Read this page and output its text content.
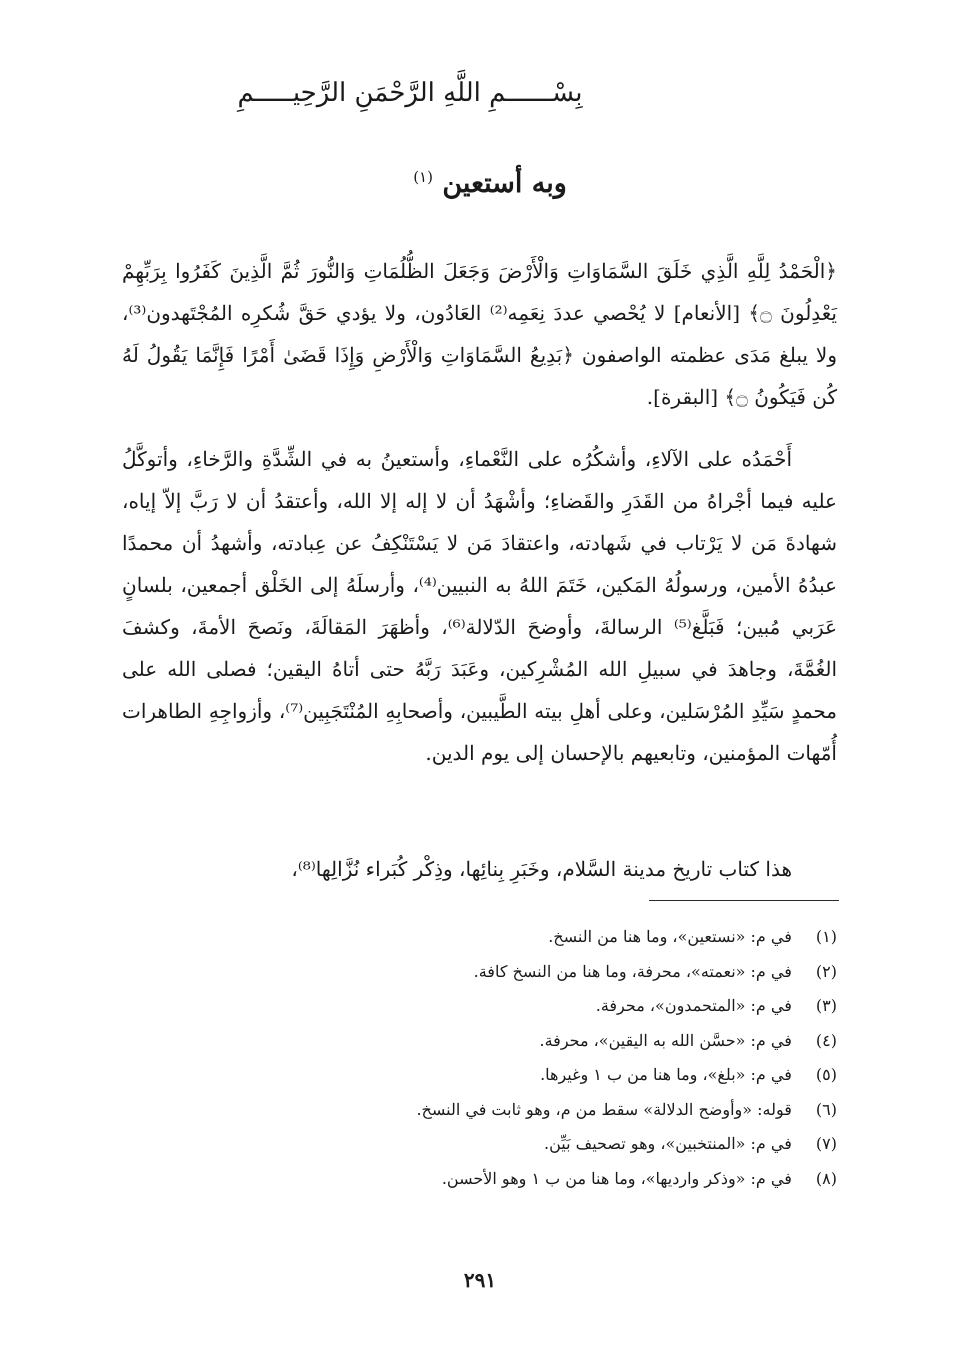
بِسْــــــمِ اللَّهِ الرَّحْمَنِ الرَّحِيـــــمِ
وبه أستعين $^{(١)}$

﴿الْحَمْدُ لِلَّهِ الَّذِي خَلَقَ السَّمَاوَاتِ وَالْأَرْضَ وَجَعَلَ الظُّلُمَاتِ وَالنُّورَ ثُمَّ الَّذِينَ كَفَرُوا بِرَبِّهِمْ يَعْدِلُونَ ۝﴾ [الأنعام] لا يُحْصي عددَ نِعَمِه⁽²⁾ العَادُون، ولا يؤدي حَقَّ شُكرِه المُجْتَهدون⁽³⁾، ولا يبلغ مَدَى عظمته الواصفون ﴿بَدِيعُ السَّمَاوَاتِ وَالْأَرْضِ وَإِذَا قَضَىٰ أَمْرًا فَإِنَّمَا يَقُولُ لَهُ كُن فَيَكُونُ ۝﴾ [البقرة].

أَحْمَدُه على الآلاءِ، وأشكُرُه على النَّعْماءِ، وأستعينُ به في الشِّدَّةِ والرَّخاءِ، وأتوكَّلُ عليه فيما أجْراهُ من القَدَرِ والقَضاءِ؛ وأشْهَدُ أن لا إله إلا الله، وأعتقدُ أن لا رَبَّ إلاّ إياه، شهادةَ مَن لا يَرْتاب في شَهادته، واعتقادَ مَن لا يَسْتَنْكِفُ عن عِبادته، وأشهدُ أن محمدًا عبدُهُ الأمين، ورسولُهُ المَكين، خَتَمَ اللهُ به النبيين⁽⁴⁾، وأرسلَهُ إلى الخَلْق أجمعين، بلسانٍ عَرَبي مُبين؛ فَبَلَّغ⁽⁵⁾ الرسالةَ، وأوضحَ الدّلالة⁽⁶⁾، وأظهَرَ المَقالَةَ، ونَصحَ الأمةَ، وكشفَ الغُمَّةَ، وجاهدَ في سبيلِ الله المُشْرِكين، وعَبَدَ رَبَّهُ حتى أتاهُ اليقين؛ فصلى الله على محمدٍ سَيِّدِ المُرْسَلين، وعلى أهلِ بيته الطَّيبين، وأصحابِهِ المُنْتَجَبِين⁽⁷⁾، وأزواجِهِ الطاهرات أُمّهات المؤمنين، وتابعيهم بالإحسان إلى يوم الدين.

هذا كتاب تاريخ مدينة السَّلام، وخَبَرِ بِنائِها، وذِكْر كُبَراء نُزَّالِها⁽⁸⁾،

(١) في م: «نستعين»، وما هنا من النسخ.
(٢) في م: «نعمته»، محرفة، وما هنا من النسخ كافة.
(٣) في م: «المتحمدون»، محرفة.
(٤) في م: «حسَّن الله به اليقين»، محرفة.
(٥) في م: «بلغ»، وما هنا من ب ١ وغيرها.
(٦) قوله: «وأوضح الدلالة» سقط من م، وهو ثابت في النسخ.
(٧) في م: «المنتخبين»، وهو تصحيف بَيِّن.
(٨) في م: «وذكر وارديها»، وما هنا من ب ١ وهو الأحسن.
٢٩١
